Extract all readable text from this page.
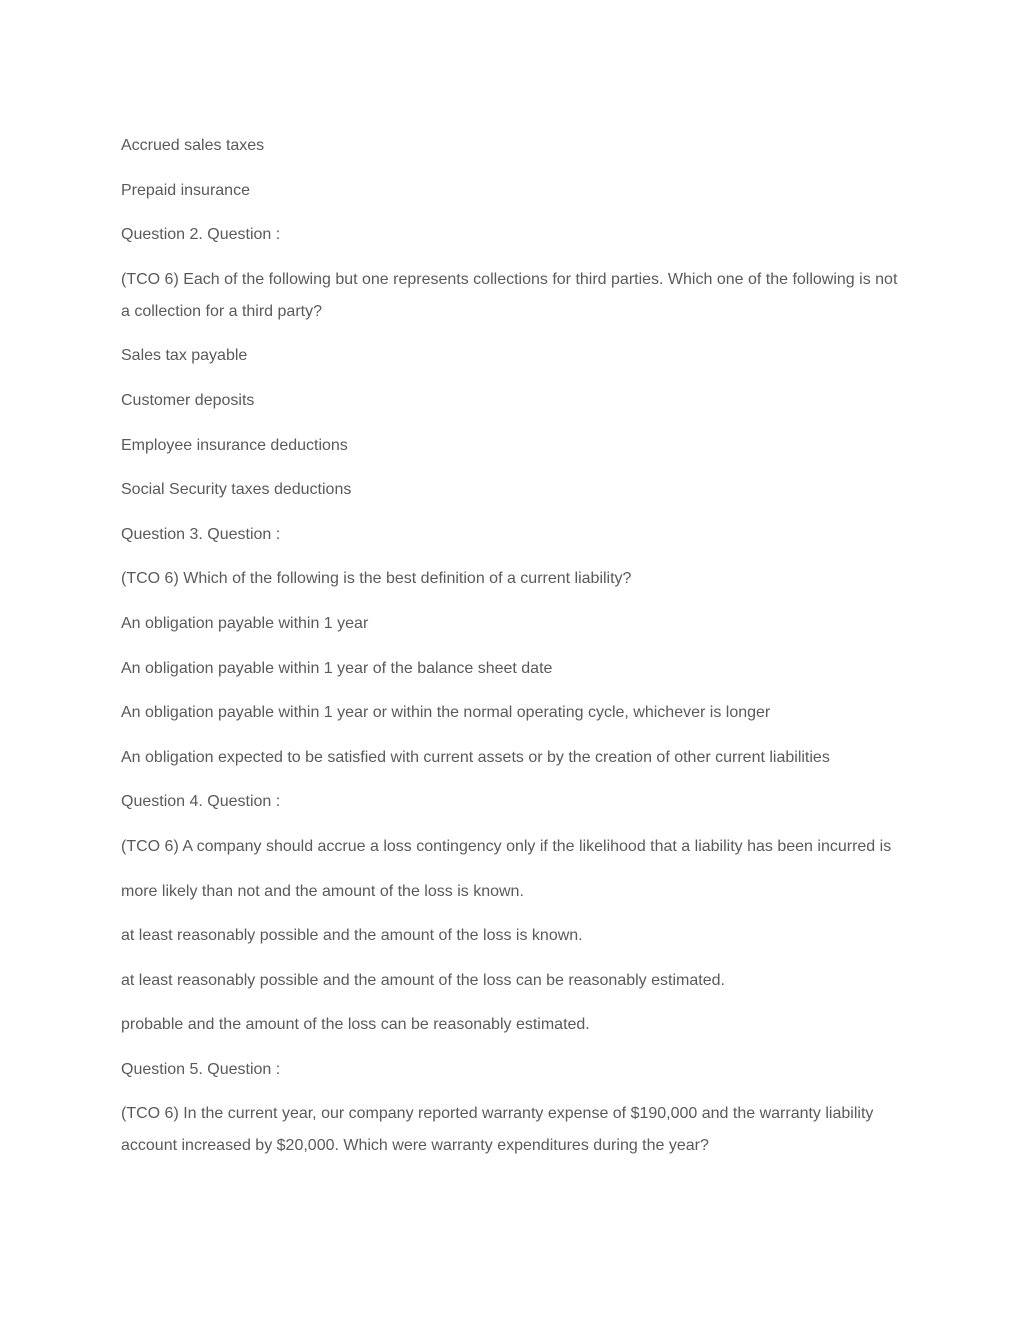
Accrued sales taxes

Prepaid insurance

Question 2. Question :

(TCO 6) Each of the following but one represents collections for third parties. Which one of the following is not a collection for a third party?

Sales tax payable

Customer deposits

Employee insurance deductions

Social Security taxes deductions

Question 3. Question :

(TCO 6) Which of the following is the best definition of a current liability?

An obligation payable within 1 year

An obligation payable within 1 year of the balance sheet date

An obligation payable within 1 year or within the normal operating cycle, whichever is longer

An obligation expected to be satisfied with current assets or by the creation of other current liabilities

Question 4. Question :

(TCO 6) A company should accrue a loss contingency only if the likelihood that a liability has been incurred is

more likely than not and the amount of the loss is known.

at least reasonably possible and the amount of the loss is known.

at least reasonably possible and the amount of the loss can be reasonably estimated.

probable and the amount of the loss can be reasonably estimated.

Question 5. Question :

(TCO 6) In the current year, our company reported warranty expense of $190,000 and the warranty liability account increased by $20,000. Which were warranty expenditures during the year?
